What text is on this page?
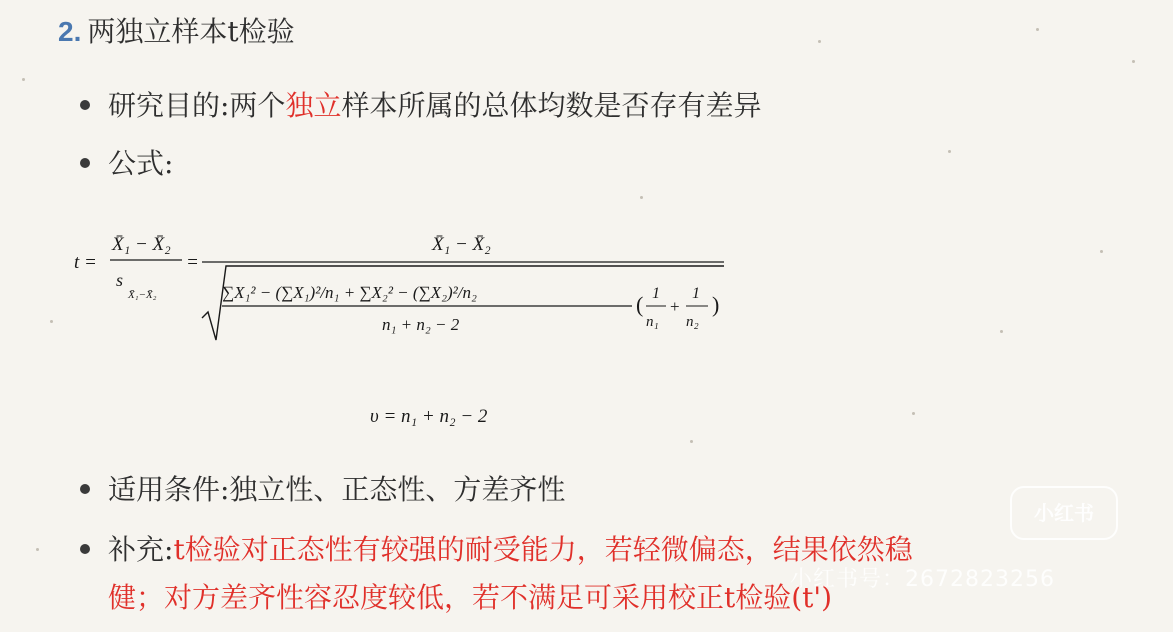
2. 两独立样本t检验
研究目的:两个独立样本所属的总体均数是否存有差异
公式:
t =
X̄₁ − X̄₂
s
X̄₁−X̄₂
=
X̄₁ − X̄₂
∑X₁² − (∑X₁)²/n₁ + ∑X₂² − (∑X₂)²/n₂
n₁ + n₂ − 2
( 1
n₁
+
1
n₂
)
υ = n₁ + n₂ − 2
适用条件:独立性、正态性、方差齐性
补充:t检验对正态性有较强的耐受能力，若轻微偏态，结果依然稳
健；对方差齐性容忍度较低，若不满足可采用校正t检验(t')
小红书
小红书号：2672823256
